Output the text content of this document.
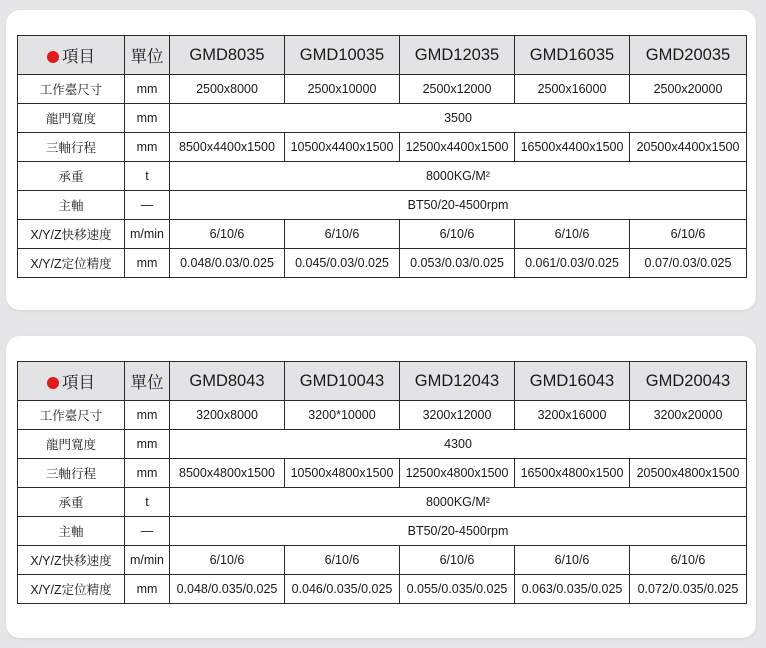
項目	單位	GMD8035	GMD10035	GMD12035	GMD16035	GMD20035
工作臺尺寸	mm	2500x8000	2500x10000	2500x12000	2500x16000	2500x20000
龍門寬度	mm	3500				
三軸行程	mm	8500x4400x1500	10500x4400x1500	12500x4400x1500	16500x4400x1500	20500x4400x1500
承重	t	8000KG/M²				
主軸	—	BT50/20-4500rpm				
X/Y/Z快移速度	m/min	6/10/6	6/10/6	6/10/6	6/10/6	6/10/6
X/Y/Z定位精度	mm	0.048/0.03/0.025	0.045/0.03/0.025	0.053/0.03/0.025	0.061/0.03/0.025	0.07/0.03/0.025
項目	單位	GMD8043	GMD10043	GMD12043	GMD16043	GMD20043
工作臺尺寸	mm	3200x8000	3200*10000	3200x12000	3200x16000	3200x20000
龍門寬度	mm	4300				
三軸行程	mm	8500x4800x1500	10500x4800x1500	12500x4800x1500	16500x4800x1500	20500x4800x1500
承重	t	8000KG/M²				
主軸	—	BT50/20-4500rpm				
X/Y/Z快移速度	m/min	6/10/6	6/10/6	6/10/6	6/10/6	6/10/6
X/Y/Z定位精度	mm	0.048/0.035/0.025	0.046/0.035/0.025	0.055/0.035/0.025	0.063/0.035/0.025	0.072/0.035/0.025
